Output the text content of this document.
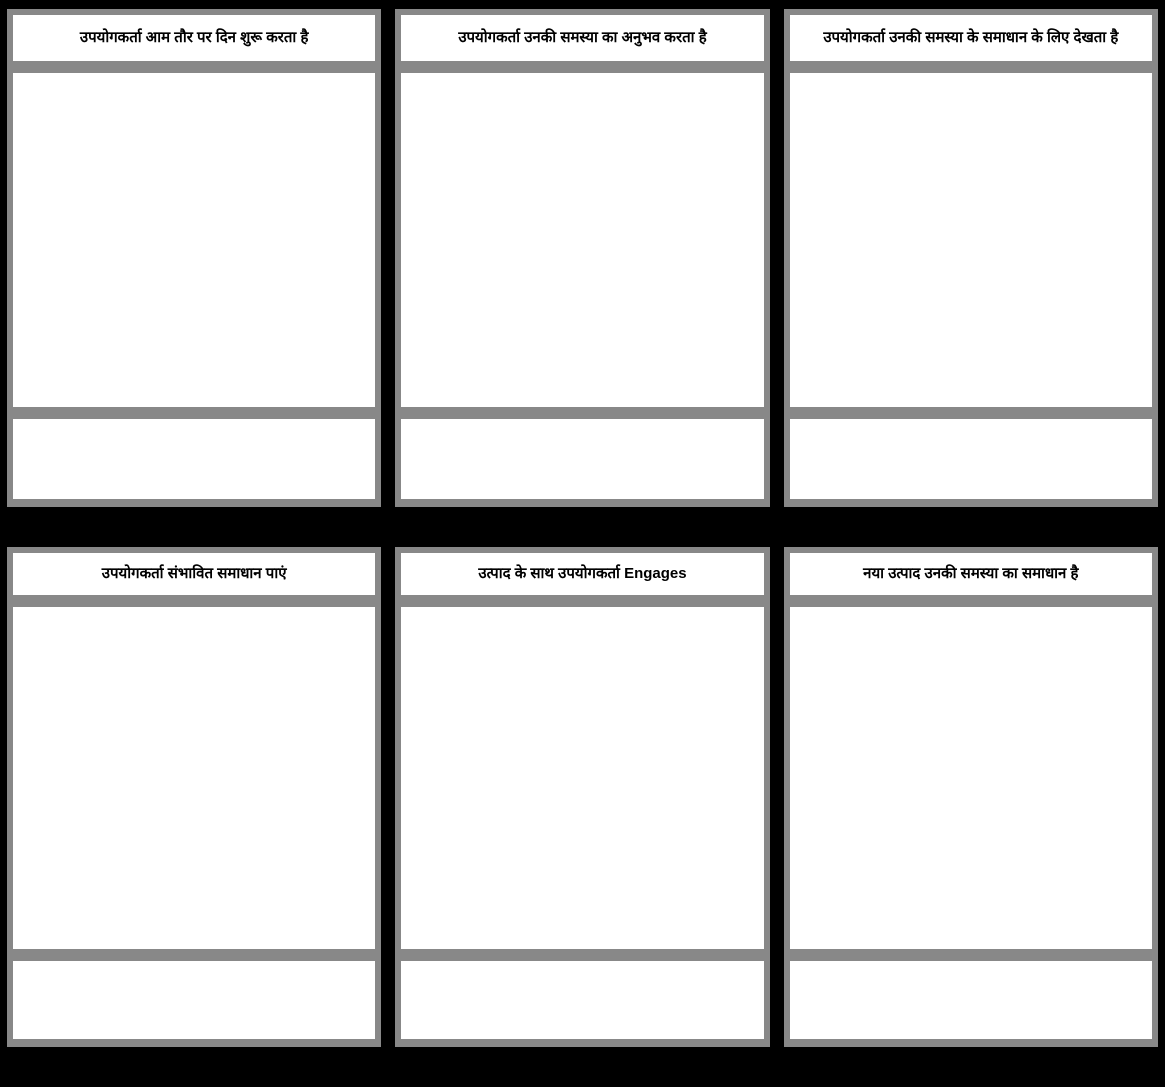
उपयोगकर्ता आम तौर पर दिन शुरू करता है	उपयोगकर्ता उनकी समस्या का अनुभव करता है	उपयोगकर्ता उनकी समस्या के समाधान के लिए देखता है
उपयोगकर्ता संभावित समाधान पाएं	उत्पाद के साथ उपयोगकर्ता Engages	नया उत्पाद उनकी समस्या का समाधान है
